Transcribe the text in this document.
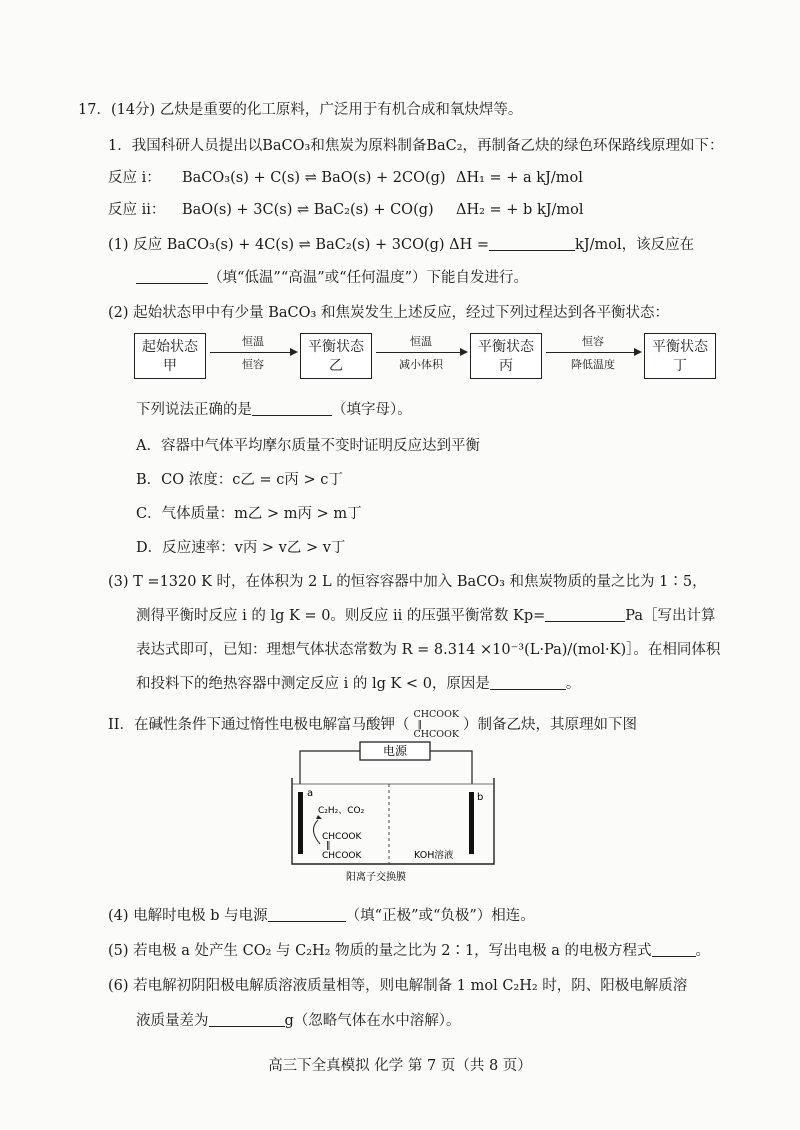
17．(14分) 乙炔是重要的化工原料，广泛用于有机合成和氧炔焊等。
1．我国科研人员提出以BaCO₃和焦炭为原料制备BaC₂，再制备乙炔的绿色环保路线原理如下：
反应 i： BaCO₃(s) + C(s) ⇌ BaO(s) + 2CO(g) ΔH₁ = + a kJ/mol
反应 ii： BaO(s) + 3C(s) ⇌ BaC₂(s) + CO(g) ΔH₂ = + b kJ/mol
(1) 反应 BaCO₃(s) + 4C(s) ⇌ BaC₂(s) + 3CO(g) ΔH =	kJ/mol，该反应在
（填“低温”“高温”或“任何温度”）下能自发进行。
(2) 起始状态甲中有少量 BaCO₃ 和焦炭发生上述反应，经过下列过程达到各平衡状态：
起始状态
甲
恒温
恒容
平衡状态
乙
恒温
减小体积
平衡状态
丙
恒容
降低温度
平衡状态
丁
下列说法正确的是	（填字母）。
A．容器中气体平均摩尔质量不变时证明反应达到平衡
B．CO 浓度：c乙 = c丙 > c丁
C．气体质量：m乙 > m丙 > m丁
D．反应速率：v丙 > v乙 > v丁
(3) T =1320 K 时，在体积为 2 L 的恒容容器中加入 BaCO₃ 和焦炭物质的量之比为 1∶5，
测得平衡时反应 i 的 lg K = 0。则反应 ii 的压强平衡常数 Kp=	Pa［写出计算
表达式即可，已知：理想气体状态常数为 R = 8.314 ×10⁻³(L·Pa)/(mol·K)］。在相同体积
和投料下的绝热容器中测定反应 i 的 lg K < 0，原因是	。
II．在碱性条件下通过惰性电极电解富马酸钾（
CHCOOK
‖
CHCOOK
）制备乙炔，其原理如下图
电源
a	b
C₂H₂、CO₂
CHCOOK
‖
CHCOOK	KOH溶液
阳离子交换膜
(4) 电解时电极 b 与电源	（填“正极”或“负极”）相连。
(5) 若电极 a 处产生 CO₂ 与 C₂H₂ 物质的量之比为 2∶1，写出电极 a 的电极方程式	。
(6) 若电解初阴阳极电解质溶液质量相等，则电解制备 1 mol C₂H₂ 时，阴、阳极电解质溶
液质量差为	g（忽略气体在水中溶解）。
高三下全真模拟 化学 第 7 页（共 8 页）
